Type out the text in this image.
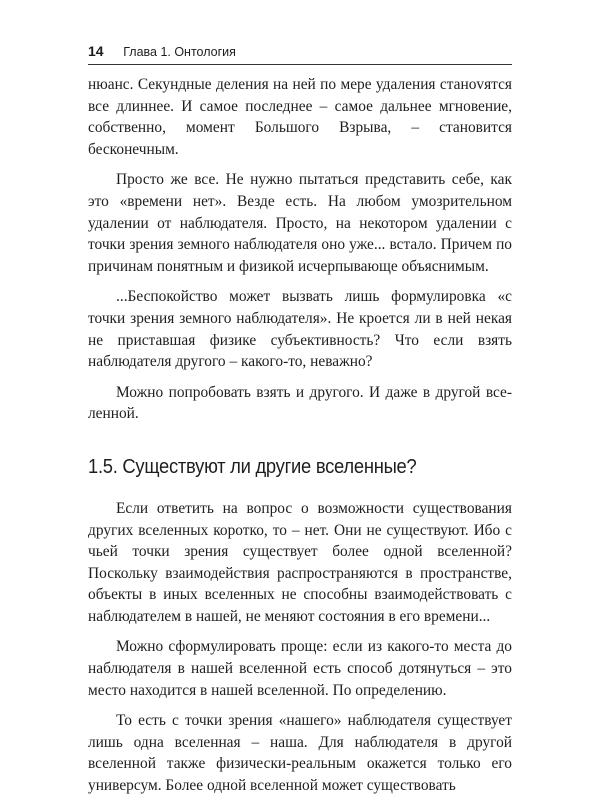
14 Глава 1. Онтология

нюанс. Секундные деления на ней по мере удаления станоvятся все длиннее. И самое последнее – самое дальнее мгновение, собственно, момент Большого Взрыва, – становится бесконечным.

Просто же все. Не нужно пытаться представить себе, как это «времени нет». Везде есть. На любом умозрительном удалении от наблюдателя. Просто, на некотором удалении с точки зрения земного наблюдателя оно уже... встало. Причем по причинам понятным и физикой исчерпывающе объяснимым.

...Беспокойство может вызвать лишь формулировка «с точки зрения земного наблюдателя». Не кроется ли в ней некая не приставшая физике субъективность? Что если взять наблюдателя другого – какого-то, неважно?

Можно попробовать взять и другого. И даже в другой вселенной.

1.5. Существуют ли другие вселенные?

Если ответить на вопрос о возможности существования других вселенных коротко, то – нет. Они не существуют. Ибо с чьей точки зрения существует более одной вселенной? Поскольку взаимодействия распространяются в пространстве, объекты в иных вселенных не способны взаимодействовать с наблюдателем в нашей, не меняют состояния в его времени...

Можно сформулировать проще: если из какого-то места до наблюдателя в нашей вселенной есть способ дотянуться – это место находится в нашей вселенной. По определению.

То есть с точки зрения «нашего» наблюдателя существует лишь одна вселенная – наша. Для наблюдателя в другой вселенной также физически-реальным окажется только его универсум. Более одной вселенной может существовать
